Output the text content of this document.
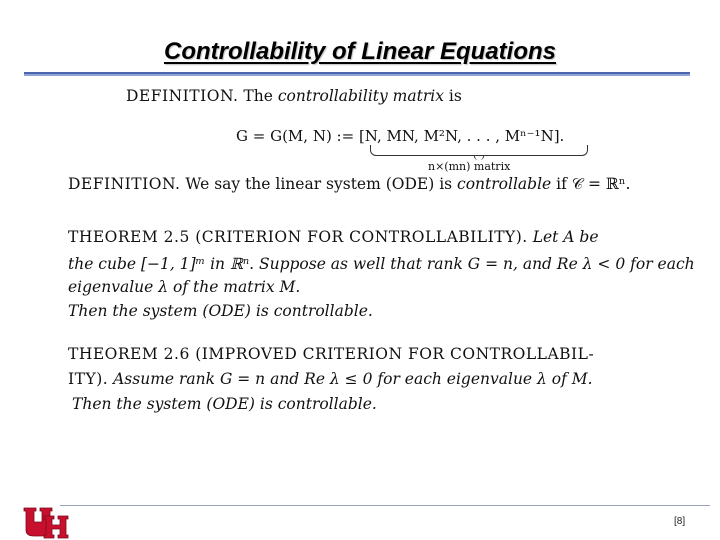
Controllability of Linear Equations
DEFINITION. The controllability matrix is
G = G(M, N) := [N, MN, M²N, . . . , Mⁿ⁻¹N].
n×(mn) matrix
DEFINITION. We say the linear system (ODE) is controllable if 𝒞 = ℝⁿ.
THEOREM 2.5 (CRITERION FOR CONTROLLABILITY). Let A be
the cube [−1, 1]ᵐ in ℝⁿ. Suppose as well that rank G = n, and Re λ < 0 for each
eigenvalue λ of the matrix M.
Then the system (ODE) is controllable.
THEOREM 2.6 (IMPROVED CRITERION FOR CONTROLLABIL-
ITY). Assume rank G = n and Re λ ≤ 0 for each eigenvalue λ of M.
Then the system (ODE) is controllable.
[8]
